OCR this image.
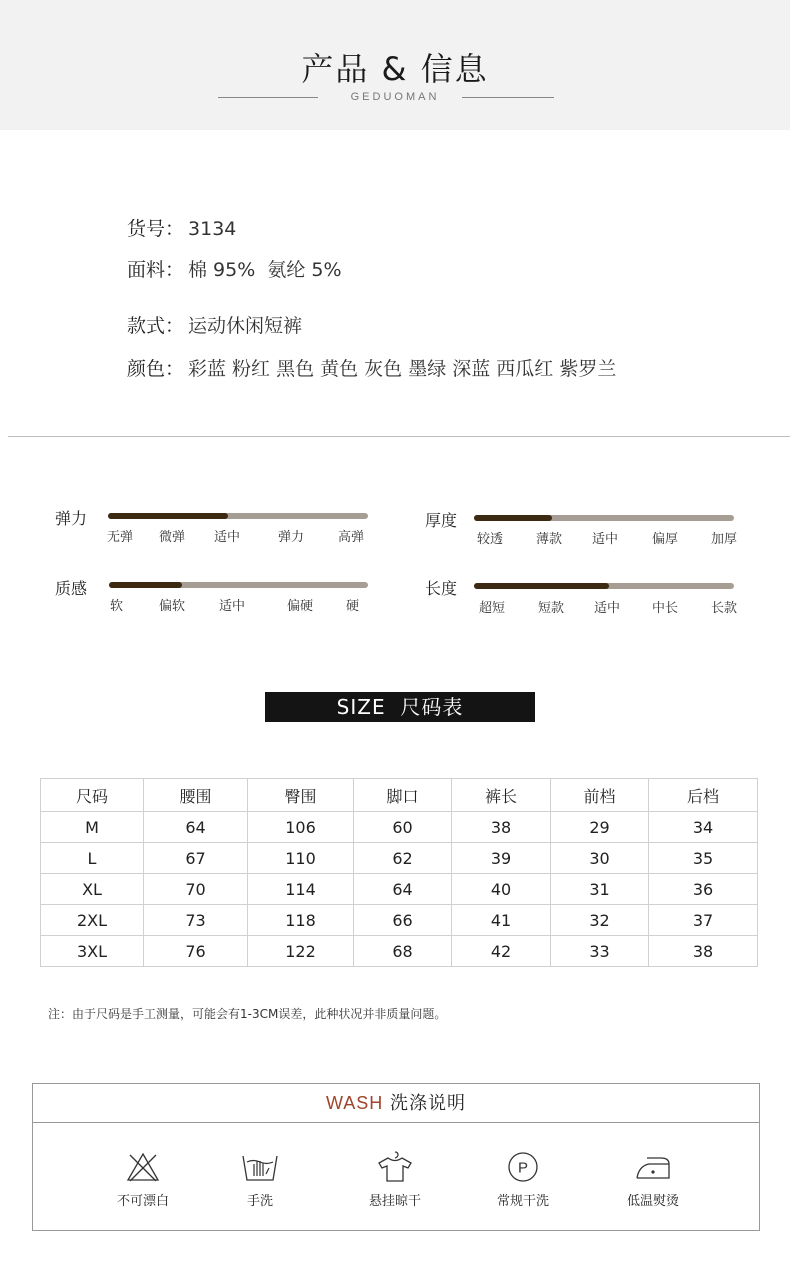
产品 & 信息
GEDUOMAN
货号： 3134
面料： 棉 95%  氨纶 5%
款式： 运动休闲短裤
颜色： 彩蓝 粉红 黑色 黄色 灰色 墨绿 深蓝 西瓜红 紫罗兰
弹力
无弹 微弹 适中	弹力	高弹
厚度
较透	薄款 适中	偏厚	加厚
质感
软	偏软	适中	偏硬	硬
长度
超短	短款 适中 中长	长款
SIZE  尺码表
尺码	腰围	臀围	脚口	裤长	前档	后档
M	64	106	60	38	29	34
L	67	110	62	39	30	35
XL	70	114	64	40	31	36
2XL	73	118	66	41	32	37
3XL	76	122	68	42	33	38
注：由于尺码是手工测量，可能会有1-3CM误差，此种状况并非质量问题。
WASH 洗涤说明
不可漂白	手洗	悬挂晾干
P
常规干洗	低温熨烫
